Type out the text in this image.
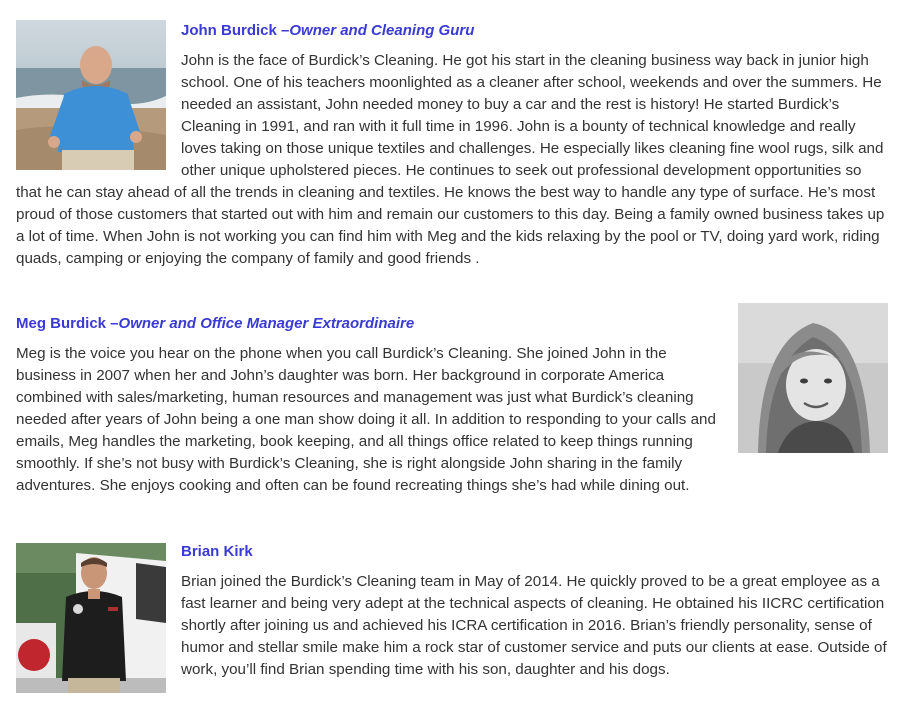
John Burdick –Owner and Cleaning Guru

John is the face of Burdick’s Cleaning. He got his start in the cleaning business way back in junior high school. One of his teachers moonlighted as a cleaner after school, weekends and over the summers. He needed an assistant, John needed money to buy a car and the rest is history! He started Burdick’s Cleaning in 1991, and ran with it full time in 1996. John is a bounty of technical knowledge and really loves taking on those unique textiles and challenges. He especially likes cleaning fine wool rugs, silk and other unique upholstered pieces. He continues to seek out professional development opportunities so that he can stay ahead of all the trends in cleaning and textiles. He knows the best way to handle any type of surface. He’s most proud of those customers that started out with him and remain our customers to this day. Being a family owned business takes up a lot of time. When John is not working you can find him with Meg and the kids relaxing by the pool or TV, doing yard work, riding quads, camping or enjoying the company of family and good friends .

Meg Burdick –Owner and Office Manager Extraordinaire

Meg is the voice you hear on the phone when you call Burdick’s Cleaning. She joined John in the business in 2007 when her and John’s daughter was born. Her background in corporate America combined with sales/marketing, human resources and management was just what Burdick’s cleaning needed after years of John being a one man show doing it all. In addition to responding to your calls and emails, Meg handles the marketing, book keeping, and all things office related to keep things running smoothly. If she’s not busy with Burdick’s Cleaning, she is right alongside John sharing in the family adventures. She enjoys cooking and often can be found recreating things she’s had while dining out.

Brian Kirk

Brian joined the Burdick’s Cleaning team in May of 2014. He quickly proved to be a great employee as a fast learner and being very adept at the technical aspects of cleaning. He obtained his IICRC certification shortly after joining us and achieved his ICRA certification in 2016. Brian’s friendly personality, sense of humor and stellar smile make him a rock star of customer service and puts our clients at ease. Outside of work, you’ll find Brian spending time with his son, daughter and his dogs.
